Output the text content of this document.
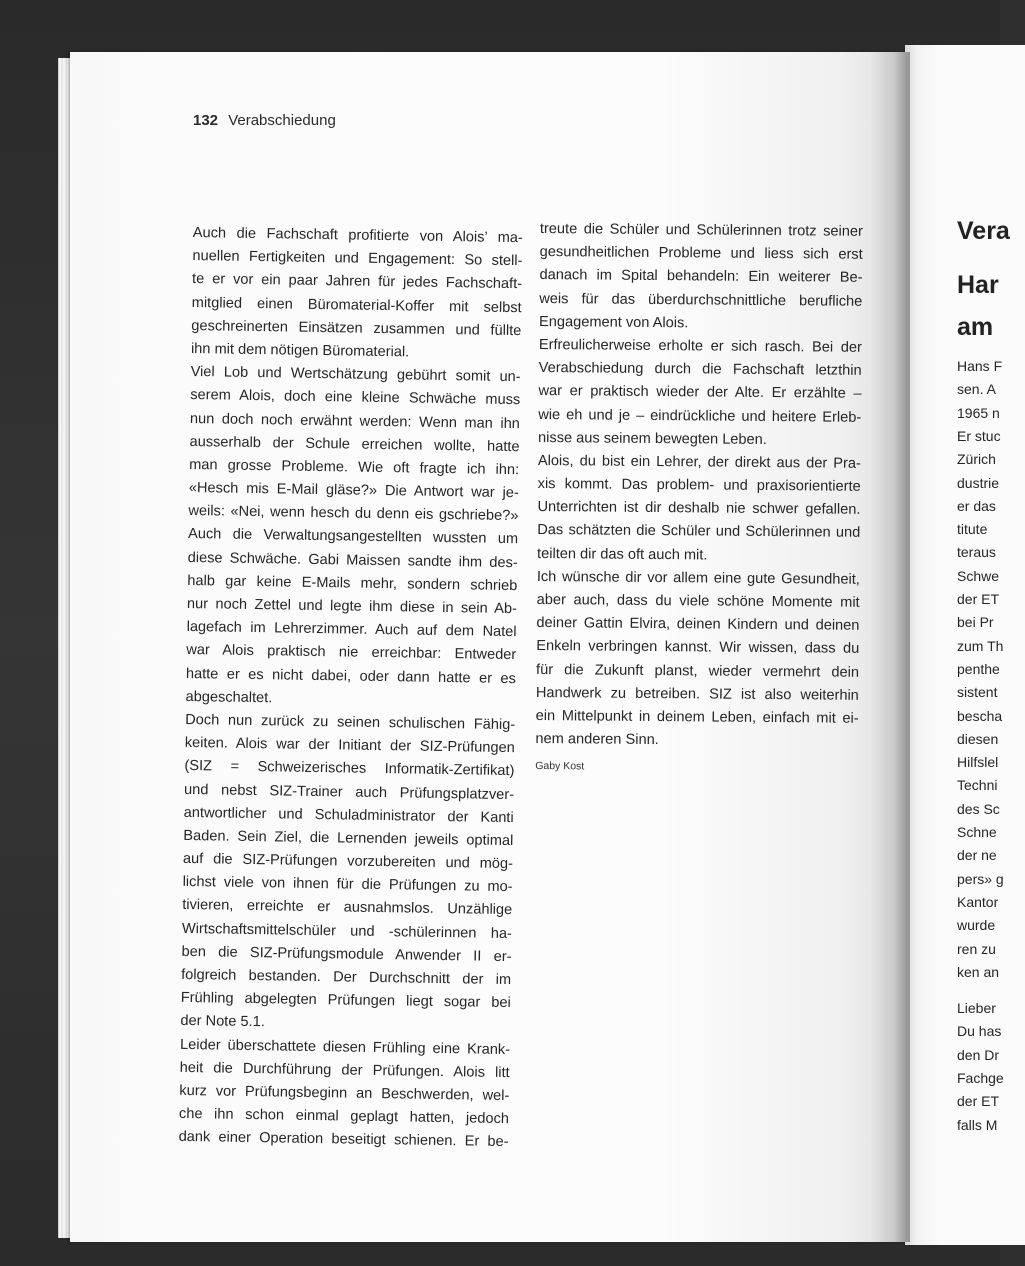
Vera
Har
am
Hans F
sen. A
1965 n
Er stuc
Zürich
dustrie
er das
titute
teraus
Schwe
der ET
bei Pr
zum Th
penthe
sistent
bescha
diesen
Hilfslel
Techni
des Sc
Schne
der ne
pers» g
Kantor
wurde
ren zu
ken an
Lieber
Du has
den Dr
Fachge
der ET
falls M
132 Verabschiedung
Auch die Fachschaft profitierte von Alois’ ma-
nuellen Fertigkeiten und Engagement: So stell-
te er vor ein paar Jahren für jedes Fachschaft-
mitglied einen Büromaterial-Koffer mit selbst
geschreinerten Einsätzen zusammen und füllte
ihn mit dem nötigen Büromaterial.
Viel Lob und Wertschätzung gebührt somit un-
serem Alois, doch eine kleine Schwäche muss
nun doch noch erwähnt werden: Wenn man ihn
ausserhalb der Schule erreichen wollte, hatte
man grosse Probleme. Wie oft fragte ich ihn:
«Hesch mis E-Mail gläse?» Die Antwort war je-
weils: «Nei, wenn hesch du denn eis gschriebe?»
Auch die Verwaltungsangestellten wussten um
diese Schwäche. Gabi Maissen sandte ihm des-
halb gar keine E-Mails mehr, sondern schrieb
nur noch Zettel und legte ihm diese in sein Ab-
lagefach im Lehrerzimmer. Auch auf dem Natel
war Alois praktisch nie erreichbar: Entweder
hatte er es nicht dabei, oder dann hatte er es
abgeschaltet.
Doch nun zurück zu seinen schulischen Fähig-
keiten. Alois war der Initiant der SIZ-Prüfungen
(SIZ = Schweizerisches Informatik-Zertifikat)
und nebst SIZ-Trainer auch Prüfungsplatzver-
antwortlicher und Schuladministrator der Kanti
Baden. Sein Ziel, die Lernenden jeweils optimal
auf die SIZ-Prüfungen vorzubereiten und mög-
lichst viele von ihnen für die Prüfungen zu mo-
tivieren, erreichte er ausnahmslos. Unzählige
Wirtschaftsmittelschüler und -schülerinnen ha-
ben die SIZ-Prüfungsmodule Anwender II er-
folgreich bestanden. Der Durchschnitt der im
Frühling abgelegten Prüfungen liegt sogar bei
der Note 5.1.
Leider überschattete diesen Frühling eine Krank-
heit die Durchführung der Prüfungen. Alois litt
kurz vor Prüfungsbeginn an Beschwerden, wel-
che ihn schon einmal geplagt hatten, jedoch
dank einer Operation beseitigt schienen. Er be-
treute die Schüler und Schülerinnen trotz seiner
gesundheitlichen Probleme und liess sich erst
danach im Spital behandeln: Ein weiterer Be-
weis für das überdurchschnittliche berufliche
Engagement von Alois.
Erfreulicherweise erholte er sich rasch. Bei der
Verabschiedung durch die Fachschaft letzthin
war er praktisch wieder der Alte. Er erzählte –
wie eh und je – eindrückliche und heitere Erleb-
nisse aus seinem bewegten Leben.
Alois, du bist ein Lehrer, der direkt aus der Pra-
xis kommt. Das problem- und praxisorientierte
Unterrichten ist dir deshalb nie schwer gefallen.
Das schätzten die Schüler und Schülerinnen und
teilten dir das oft auch mit.
Ich wünsche dir vor allem eine gute Gesundheit,
aber auch, dass du viele schöne Momente mit
deiner Gattin Elvira, deinen Kindern und deinen
Enkeln verbringen kannst. Wir wissen, dass du
für die Zukunft planst, wieder vermehrt dein
Handwerk zu betreiben. SIZ ist also weiterhin
ein Mittelpunkt in deinem Leben, einfach mit ei-
nem anderen Sinn.
Gaby Kost
